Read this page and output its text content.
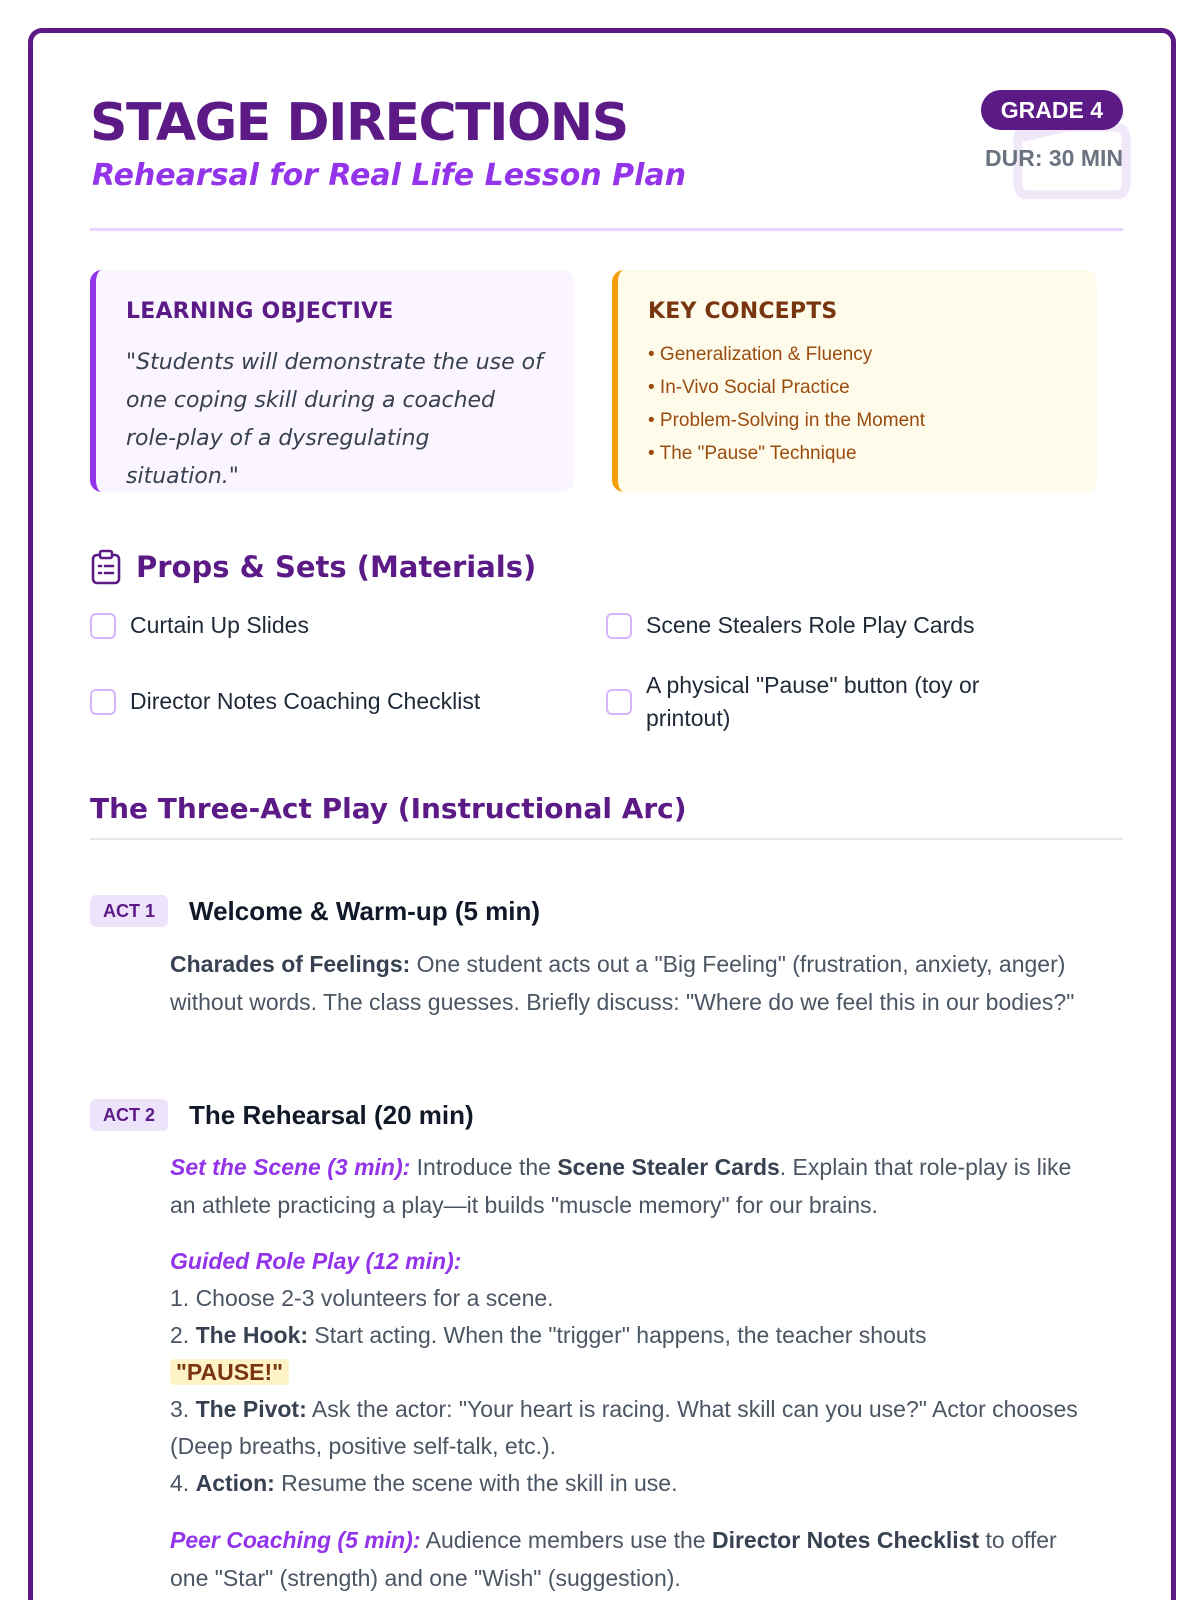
STAGE DIRECTIONS
Rehearsal for Real Life Lesson Plan
GRADE 4
DUR: 30 MIN
LEARNING OBJECTIVE

"Students will demonstrate the use of one coping skill during a coached role-play of a dysregulating situation."

KEY CONCEPTS
• Generalization & Fluency
• In-Vivo Social Practice
• Problem-Solving in the Moment
• The "Pause" Technique
Props & Sets (Materials)
Curtain Up Slides	Scene Stealers Role Play Cards
Director Notes Coaching Checklist
A physical "Pause" button (toy or printout)
The Three-Act Play (Instructional Arc)
ACT 1	Welcome & Warm-up (5 min)

Charades of Feelings: One student acts out a "Big Feeling" (frustration, anxiety, anger) without words. The class guesses. Briefly discuss: "Where do we feel this in our bodies?"

ACT 2	The Rehearsal (20 min)

Set the Scene (3 min): Introduce the Scene Stealer Cards. Explain that role-play is like an athlete practicing a play—it builds "muscle memory" for our brains.

Guided Role Play (12 min):
1. Choose 2-3 volunteers for a scene.
2. The Hook: Start acting. When the "trigger" happens, the teacher shouts
"PAUSE!"
3. The Pivot: Ask the actor: "Your heart is racing. What skill can you use?" Actor chooses (Deep breaths, positive self-talk, etc.).
4. Action: Resume the scene with the skill in use.

Peer Coaching (5 min): Audience members use the Director Notes Checklist to offer one "Star" (strength) and one "Wish" (suggestion).
